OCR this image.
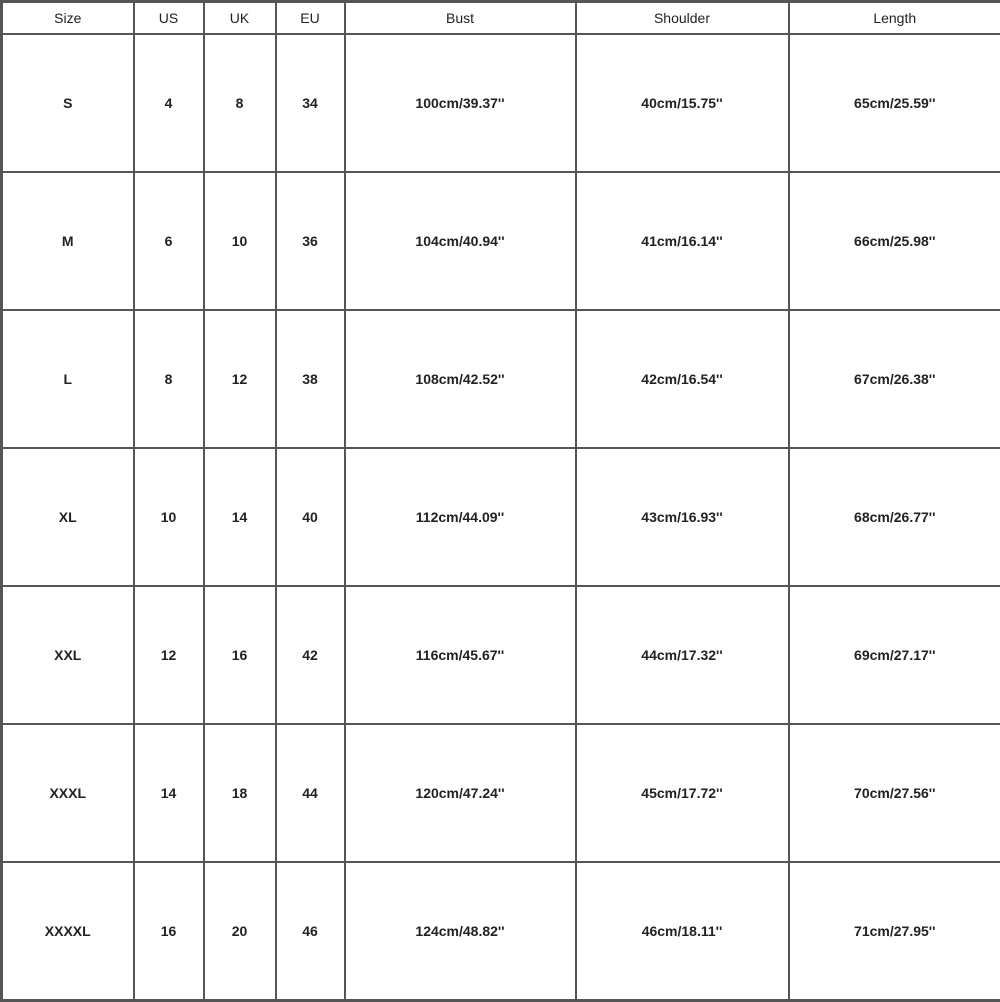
Size	US	UK	EU	Bust	Shoulder	Length
S	4	8	34	100cm/39.37''	40cm/15.75''	65cm/25.59''
M	6	10	36	104cm/40.94''	41cm/16.14''	66cm/25.98''
L	8	12	38	108cm/42.52''	42cm/16.54''	67cm/26.38''
XL	10	14	40	112cm/44.09''	43cm/16.93''	68cm/26.77''
XXL	12	16	42	116cm/45.67''	44cm/17.32''	69cm/27.17''
XXXL	14	18	44	120cm/47.24''	45cm/17.72''	70cm/27.56''
XXXXL	16	20	46	124cm/48.82''	46cm/18.11''	71cm/27.95''
